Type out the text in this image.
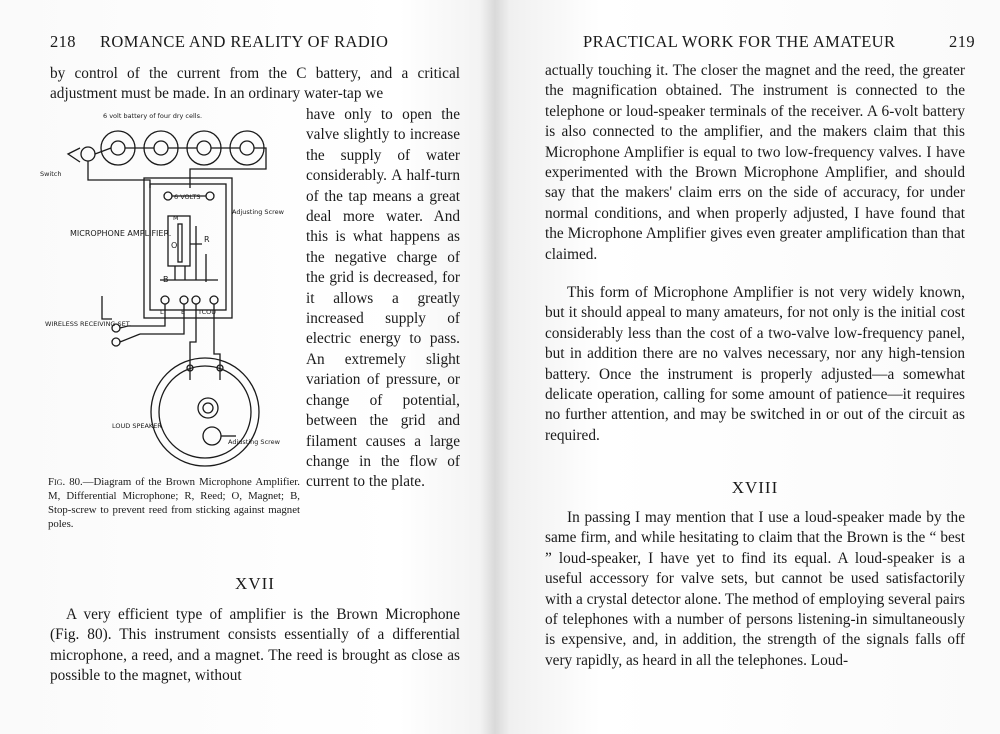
218 ROMANCE AND REALITY OF RADIO
by control of the current from the C battery, and a critical adjustment must be made. In an ordinary water-tap we
6 volt battery of four dry cells.
Switch
6 VOLTS
Adjusting Screw
MICROPHONE AMPLIFIER.
M
O
R
B
L	E TCOU
WIRELESS RECEIVING SET.
LOUD SPEAKER
Adjusting Screw
have only to open the valve slightly to increase the supply of water considerably. A half-turn of the tap means a great deal more water. And this is what happens as the negative charge of the grid is decreased, for it allows a greatly increased supply of electric energy to pass. An extremely slight variation of pressure, or change of potential, between the grid and filament causes a large change in the flow of current to the plate.
Fig. 80.—Diagram of the Brown Microphone Amplifier. M, Differential Microphone; R, Reed; O, Magnet; B, Stop-screw to prevent reed from sticking against magnet poles.
XVII
A very efficient type of amplifier is the Brown Microphone (Fig. 80). This instrument consists essentially of a differential microphone, a reed, and a magnet. The reed is brought as close as possible to the magnet, without
PRACTICAL WORK FOR THE AMATEUR	219
actually touching it. The closer the magnet and the reed, the greater the magnification obtained. The instrument is connected to the telephone or loud-speaker terminals of the receiver. A 6-volt battery is also connected to the amplifier, and the makers claim that this Microphone Amplifier is equal to two low-frequency valves. I have experimented with the Brown Microphone Amplifier, and should say that the makers' claim errs on the side of accuracy, for under normal conditions, and when properly adjusted, I have found that the Microphone Amplifier gives even greater amplification than that claimed.
This form of Microphone Amplifier is not very widely known, but it should appeal to many amateurs, for not only is the initial cost considerably less than the cost of a two-valve low-frequency panel, but in addition there are no valves necessary, nor any high-tension battery. Once the instrument is properly adjusted—a somewhat delicate operation, calling for some amount of patience—it requires no further attention, and may be switched in or out of the circuit as required.
XVIII
In passing I may mention that I use a loud-speaker made by the same firm, and while hesitating to claim that the Brown is the “ best ” loud-speaker, I have yet to find its equal. A loud-speaker is a useful accessory for valve sets, but cannot be used satisfactorily with a crystal detector alone. The method of employing several pairs of telephones with a number of persons listening-in simultaneously is expensive, and, in addition, the strength of the signals falls off very rapidly, as heard in all the telephones. Loud-
